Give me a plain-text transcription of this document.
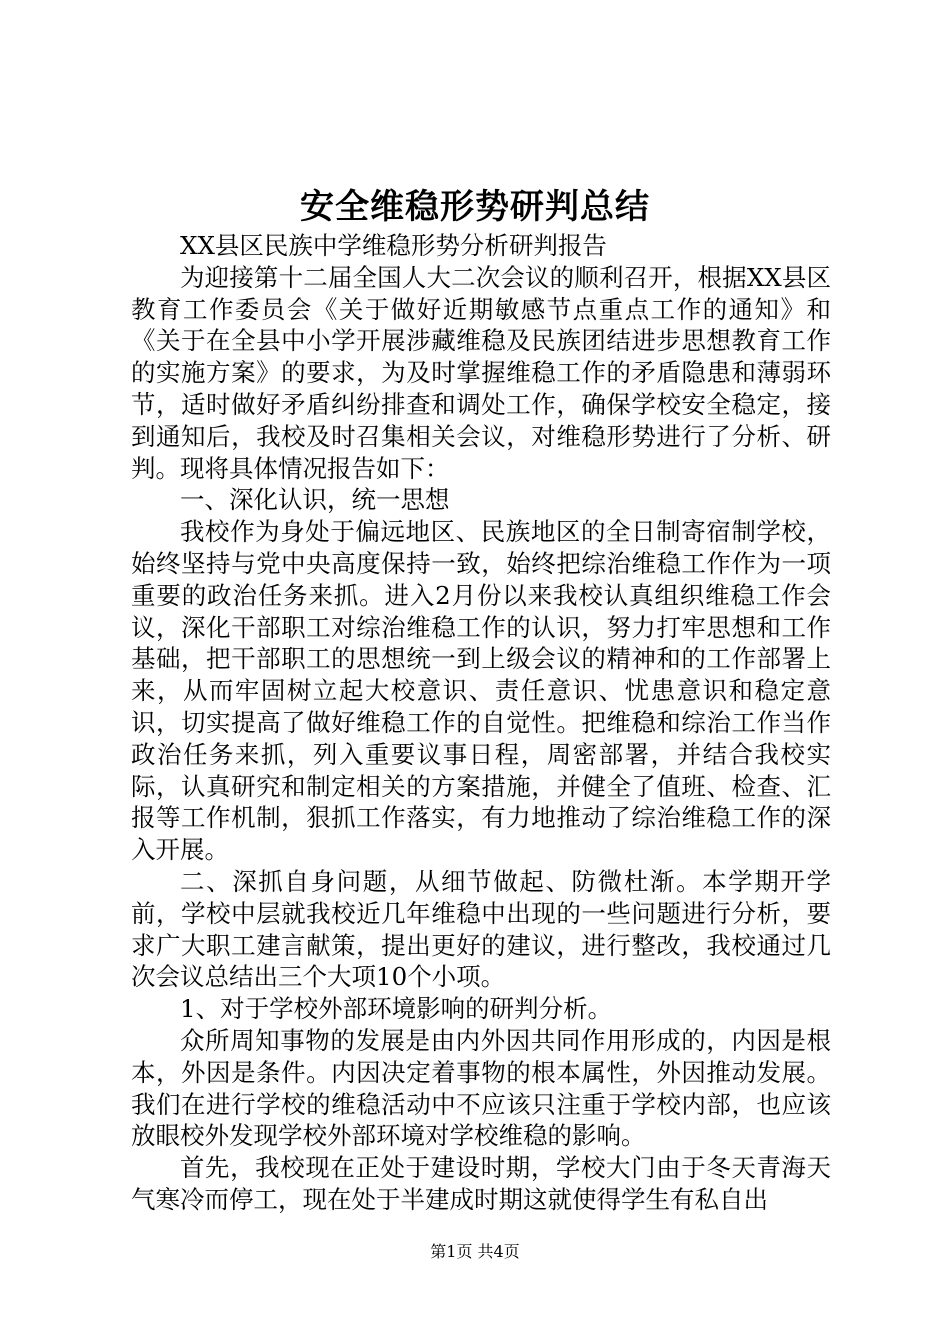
安全维稳形势研判总结

XX县区民族中学维稳形势分析研判报告

为迎接第十二届全国人大二次会议的顺利召开，根据XX县区教育工作委员会《关于做好近期敏感节点重点工作的通知》和《关于在全县中小学开展涉藏维稳及民族团结进步思想教育工作的实施方案》的要求，为及时掌握维稳工作的矛盾隐患和薄弱环节，适时做好矛盾纠纷排查和调处工作，确保学校安全稳定，接到通知后，我校及时召集相关会议，对维稳形势进行了分析、研判。现将具体情况报告如下：

一、深化认识，统一思想

我校作为身处于偏远地区、民族地区的全日制寄宿制学校，始终坚持与党中央高度保持一致，始终把综治维稳工作作为一项重要的政治任务来抓。进入2月份以来我校认真组织维稳工作会议，深化干部职工对综治维稳工作的认识，努力打牢思想和工作基础，把干部职工的思想统一到上级会议的精神和的工作部署上来，从而牢固树立起大校意识、责任意识、忧患意识和稳定意识，切实提高了做好维稳工作的自觉性。把维稳和综治工作当作政治任务来抓，列入重要议事日程，周密部署，并结合我校实际，认真研究和制定相关的方案措施，并健全了值班、检查、汇报等工作机制，狠抓工作落实，有力地推动了综治维稳工作的深入开展。

二、深抓自身问题，从细节做起、防微杜渐。本学期开学前，学校中层就我校近几年维稳中出现的一些问题进行分析，要求广大职工建言献策，提出更好的建议，进行整改，我校通过几次会议总结出三个大项10个小项。

1、对于学校外部环境影响的研判分析。

众所周知事物的发展是由内外因共同作用形成的，内因是根本，外因是条件。内因决定着事物的根本属性，外因推动发展。我们在进行学校的维稳活动中不应该只注重于学校内部，也应该放眼校外发现学校外部环境对学校维稳的影响。

首先，我校现在正处于建设时期，学校大门由于冬天青海天气寒冷而停工，现在处于半建成时期这就使得学生有私自出

第1页 共4页
